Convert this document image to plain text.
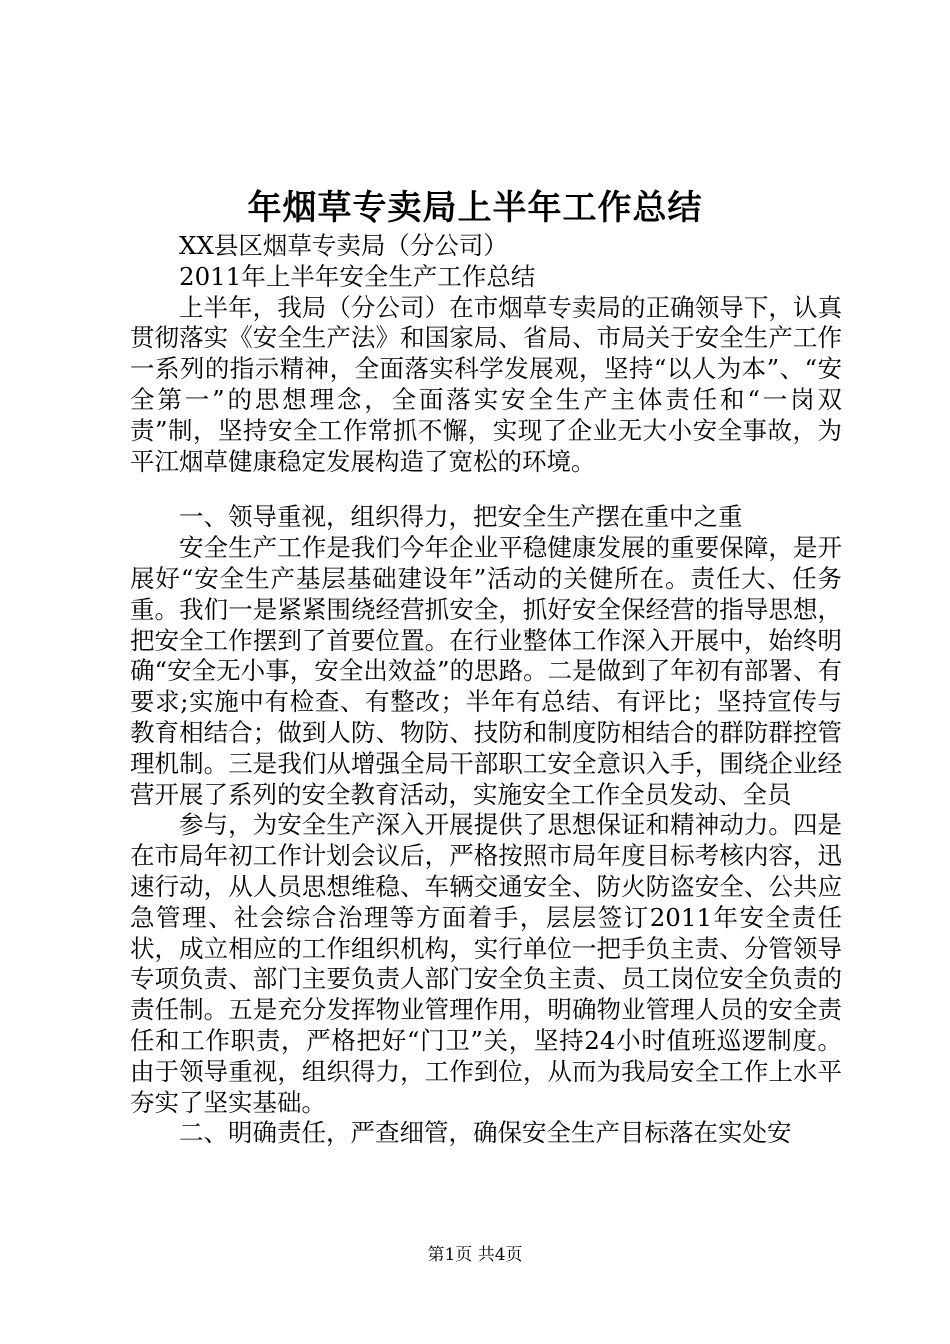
年烟草专卖局上半年工作总结

XX县区烟草专卖局（分公司）

2011年上半年安全生产工作总结

上半年，我局（分公司）在市烟草专卖局的正确领导下，认真贯彻落实《安全生产法》和国家局、省局、市局关于安全生产工作一系列的指示精神，全面落实科学发展观，坚持“以人为本”、“安全第一”的思想理念，全面落实安全生产主体责任和“一岗双责”制，坚持安全工作常抓不懈，实现了企业无大小安全事故，为平江烟草健康稳定发展构造了宽松的环境。

一、领导重视，组织得力，把安全生产摆在重中之重

安全生产工作是我们今年企业平稳健康发展的重要保障，是开展好“安全生产基层基础建设年”活动的关健所在。责任大、任务重。我们一是紧紧围绕经营抓安全，抓好安全保经营的指导思想，把安全工作摆到了首要位置。在行业整体工作深入开展中，始终明确“安全无小事，安全出效益”的思路。二是做到了年初有部署、有要求;实施中有检查、有整改；半年有总结、有评比；坚持宣传与教育相结合；做到人防、物防、技防和制度防相结合的群防群控管理机制。三是我们从增强全局干部职工安全意识入手，围绕企业经营开展了系列的安全教育活动，实施安全工作全员发动、全员

参与，为安全生产深入开展提供了思想保证和精神动力。四是在市局年初工作计划会议后，严格按照市局年度目标考核内容，迅速行动，从人员思想维稳、车辆交通安全、防火防盗安全、公共应急管理、社会综合治理等方面着手，层层签订2011年安全责任状，成立相应的工作组织机构，实行单位一把手负主责、分管领导专项负责、部门主要负责人部门安全负主责、员工岗位安全负责的责任制。五是充分发挥物业管理作用，明确物业管理人员的安全责任和工作职责，严格把好“门卫”关，坚持24小时值班巡逻制度。由于领导重视，组织得力，工作到位，从而为我局安全工作上水平夯实了坚实基础。

二、明确责任，严查细管，确保安全生产目标落在实处安

第1页 共4页
